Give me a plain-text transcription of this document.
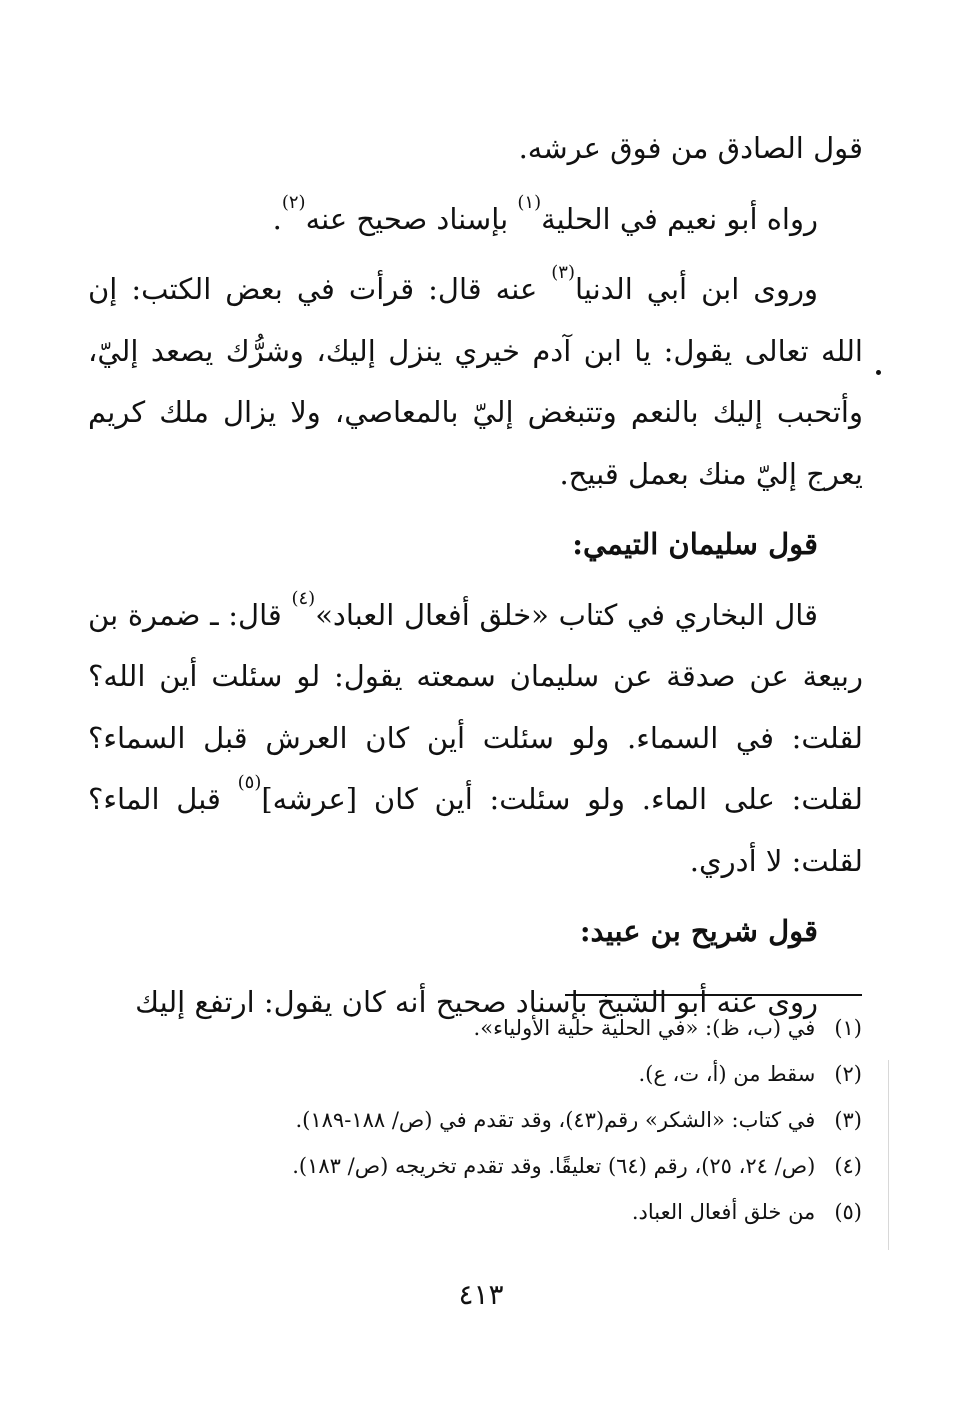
قول الصادق من فوق عرشه.

رواه أبو نعيم في الحلية$^{(١)}$ بإسناد صحيح عنه$^{(٢)}$.

وروى ابن أبي الدنيا$^{(٣)}$ عنه قال: قرأت في بعض الكتب: إن الله تعالى يقول: يا ابن آدم خيري ينزل إليك، وشرُّك يصعد إليّ، وأتحبب إليك بالنعم وتتبغض إليّ بالمعاصي، ولا يزال ملك كريم يعرج إليّ منك بعمل قبيح.

قول سليمان التيمي:

قال البخاري في كتاب «خلق أفعال العباد»$^{(٤)}$ قال: ـ ضمرة بن ربيعة عن صدقة عن سليمان سمعته يقول: لو سئلت أين الله؟ لقلت: في السماء. ولو سئلت أين كان العرش قبل السماء؟ لقلت: على الماء. ولو سئلت: أين كان [عرشه]$^{(٥)}$ قبل الماء؟ لقلت: لا أدري.

قول شريح بن عبيد:

روى عنه أبو الشيخ بإسناد صحيح أنه كان يقول: ارتفع إليك

(١) في (ب، ظ): «في الحلية حلية الأولياء».
(٢) سقط من (أ، ت، ع).
(٣) في كتاب: «الشكر» رقم(٤٣)، وقد تقدم في (ص/ ١٨٨-١٨٩).
(٤) (ص/ ٢٤، ٢٥)، رقم (٦٤) تعليقًا. وقد تقدم تخريجه (ص/ ١٨٣).
(٥) من خلق أفعال العباد.
٤١٣
